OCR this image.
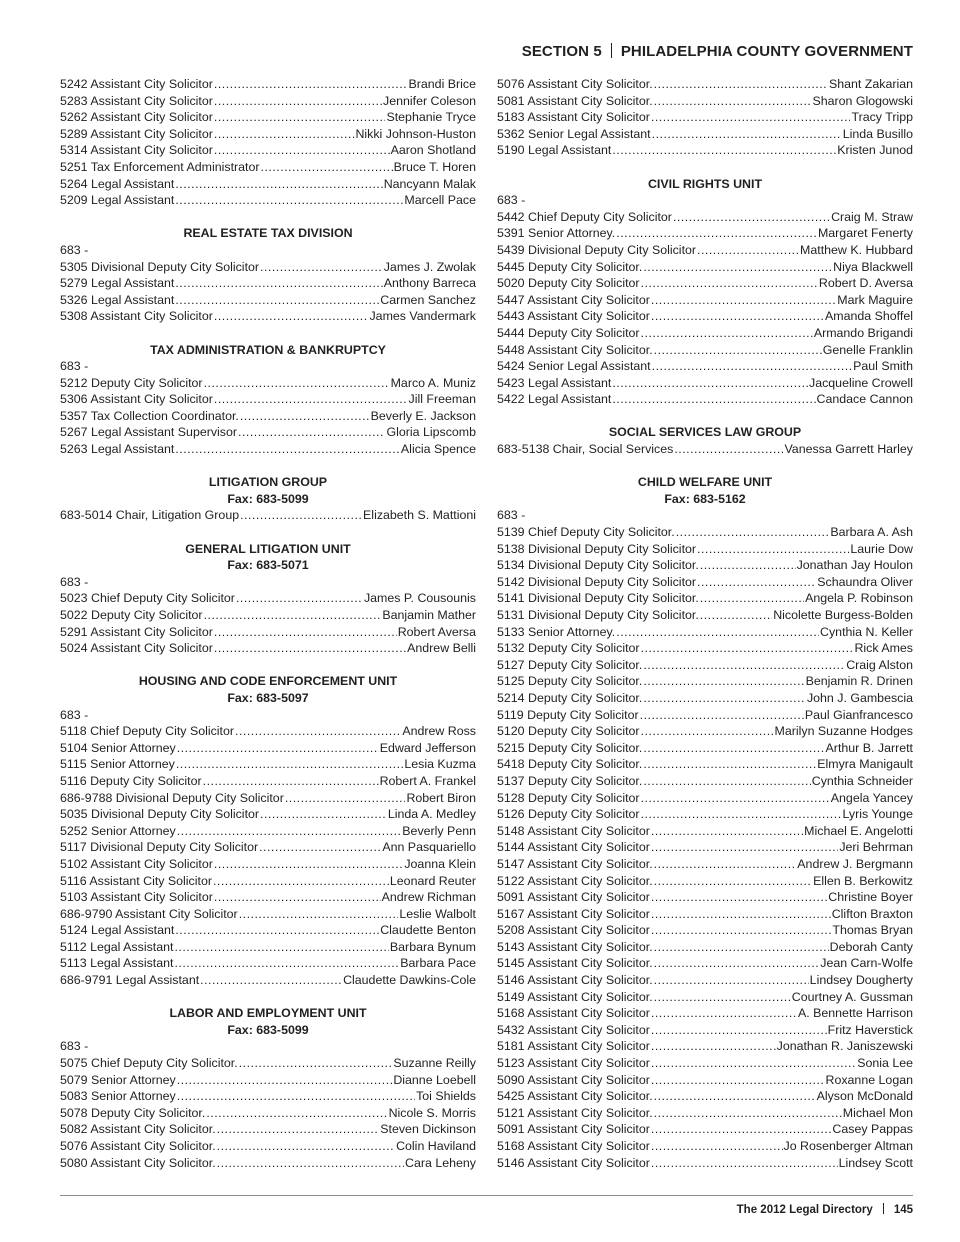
SECTION 5 PHILADELPHIA COUNTY GOVERNMENT
5242 Assistant City Solicitor .....	Brandi Brice
5283 Assistant City Solicitor .....	Jennifer Coleson
5262 Assistant City Solicitor .....	Stephanie Tryce
5289 Assistant City Solicitor .....	Nikki Johnson-Huston
5314 Assistant City Solicitor .....	Aaron Shotland
5251 Tax Enforcement Administrator .....	Bruce T. Horen
5264 Legal Assistant .....	Nancyann Malak
5209 Legal Assistant .....	Marcell Pace
REAL ESTATE TAX DIVISION
683 -
5305 Divisional Deputy City Solicitor .....	James J. Zwolak
5279 Legal Assistant .....	Anthony Barreca
5326 Legal Assistant .....	Carmen Sanchez
5308 Assistant City Solicitor .....	James Vandermark
TAX ADMINISTRATION & BANKRUPTCY
683 -
5212 Deputy City Solicitor .....	Marco A. Muniz
5306 Assistant City Solicitor .....	Jill Freeman
5357 Tax Collection Coordinator. .....	Beverly E. Jackson
5267 Legal Assistant Supervisor .....	Gloria Lipscomb
5263 Legal Assistant .....	Alicia Spence
LITIGATION GROUP
Fax: 683-5099
683-5014 Chair, Litigation Group .....	Elizabeth S. Mattioni
GENERAL LITIGATION UNIT
Fax: 683-5071
683 -
5023 Chief Deputy City Solicitor .....	James P. Cousounis
5022 Deputy City Solicitor .....	Banjamin Mather
5291 Assistant City Solicitor .....	Robert Aversa
5024 Assistant City Solicitor .....	Andrew Belli
HOUSING AND CODE ENFORCEMENT UNIT
Fax: 683-5097
683 -
5118 Chief Deputy City Solicitor .....	Andrew Ross
5104 Senior Attorney .....	Edward Jefferson
5115 Senior Attorney .....	Lesia Kuzma
5116 Deputy City Solicitor .....	Robert A. Frankel
686-9788 Divisional Deputy City Solicitor .....	Robert Biron
5035 Divisional Deputy City Solicitor .....	Linda A. Medley
5252 Senior Attorney .....	Beverly Penn
5117 Divisional Deputy City Solicitor .....	Ann Pasquariello
5102 Assistant City Solicitor .....	Joanna Klein
5116 Assistant City Solicitor .....	Leonard Reuter
5103 Assistant City Solicitor .....	Andrew Richman
686-9790 Assistant City Solicitor .....	Leslie Walbolt
5124 Legal Assistant .....	Claudette Benton
5112 Legal Assistant .....	Barbara Bynum
5113 Legal Assistant .....	Barbara Pace
686-9791 Legal Assistant .....	Claudette Dawkins-Cole
LABOR AND EMPLOYMENT UNIT
Fax: 683-5099
683 -
5075 Chief Deputy City Solicitor. .....	Suzanne Reilly
5079 Senior Attorney .....	Dianne Loebell
5083 Senior Attorney .....	Toi Shields
5078 Deputy City Solicitor. .....	Nicole S. Morris
5082 Assistant City Solicitor. .....	Steven Dickinson
5076 Assistant City Solicitor. .....	Colin Haviland
5080 Assistant City Solicitor. .....	Cara Leheny
5076 Assistant City Solicitor. .....	Shant Zakarian
5081 Assistant City Solicitor. .....	Sharon Glogowski
5183 Assistant City Solicitor .....	Tracy Tripp
5362 Senior Legal Assistant .....	Linda Busillo
5190 Legal Assistant .....	Kristen Junod
CIVIL RIGHTS UNIT
683 -
5442 Chief Deputy City Solicitor .....	Craig M. Straw
5391 Senior Attorney. .....	Margaret Fenerty
5439 Divisional Deputy City Solicitor .....	Matthew K. Hubbard
5445 Deputy City Solicitor. .....	Niya Blackwell
5020 Deputy City Solicitor .....	Robert D. Aversa
5447 Assistant City Solicitor .....	Mark Maguire
5443 Assistant City Solicitor .....	Amanda Shoffel
5444 Deputy City Solicitor .....	Armando Brigandi
5448 Assistant City Solicitor. .....	Genelle Franklin
5424 Senior Legal Assistant .....	Paul Smith
5423 Legal Assistant .....	Jacqueline Crowell
5422 Legal Assistant .....	Candace Cannon
SOCIAL SERVICES LAW GROUP
683-5138 Chair, Social Services .....	Vanessa Garrett Harley
CHILD WELFARE UNIT
Fax: 683-5162
683 -
5139 Chief Deputy City Solicitor. .....	Barbara A. Ash
5138 Divisional Deputy City Solicitor .....	Laurie Dow
5134 Divisional Deputy City Solicitor. .....	Jonathan Jay Houlon
5142 Divisional Deputy City Solicitor .....	Schaundra Oliver
5141 Divisional Deputy City Solicitor. .....	Angela P. Robinson
5131 Divisional Deputy City Solicitor. .....	Nicolette Burgess-Bolden
5133 Senior Attorney. .....	Cynthia N. Keller
5132 Deputy City Solicitor .....	Rick Ames
5127 Deputy City Solicitor. .....	Craig Alston
5125 Deputy City Solicitor. .....	Benjamin R. Drinen
5214 Deputy City Solicitor. .....	John J. Gambescia
5119 Deputy City Solicitor .....	Paul Gianfrancesco
5120 Deputy City Solicitor .....	Marilyn Suzanne Hodges
5215 Deputy City Solicitor. .....	Arthur B. Jarrett
5418 Deputy City Solicitor. .....	Elmyra Manigault
5137 Deputy City Solicitor. .....	Cynthia Schneider
5128 Deputy City Solicitor .....	Angela Yancey
5126 Deputy City Solicitor .....	Lyris Younge
5148 Assistant City Solicitor .....	Michael E. Angelotti
5144 Assistant City Solicitor .....	Jeri Behrman
5147 Assistant City Solicitor. .....	Andrew J. Bergmann
5122 Assistant City Solicitor. .....	Ellen B. Berkowitz
5091 Assistant City Solicitor .....	Christine Boyer
5167 Assistant City Solicitor .....	Clifton Braxton
5208 Assistant City Solicitor .....	Thomas Bryan
5143 Assistant City Solicitor. .....	Deborah Canty
5145 Assistant City Solicitor. .....	Jean Carn-Wolfe
5146 Assistant City Solicitor. .....	Lindsey Dougherty
5149 Assistant City Solicitor. .....	Courtney A. Gussman
5168 Assistant City Solicitor .....	A. Bennette Harrison
5432 Assistant City Solicitor .....	Fritz Haverstick
5181 Assistant City Solicitor .....	Jonathan R. Janiszewski
5123 Assistant City Solicitor .....	Sonia Lee
5090 Assistant City Solicitor .....	Roxanne Logan
5425 Assistant City Solicitor. .....	Alyson McDonald
5121 Assistant City Solicitor. .....	Michael Mon
5091 Assistant City Solicitor .....	Casey Pappas
5168 Assistant City Solicitor .....	Jo Rosenberger Altman
5146 Assistant City Solicitor .....	Lindsey Scott
The 2012 Legal Directory 145
